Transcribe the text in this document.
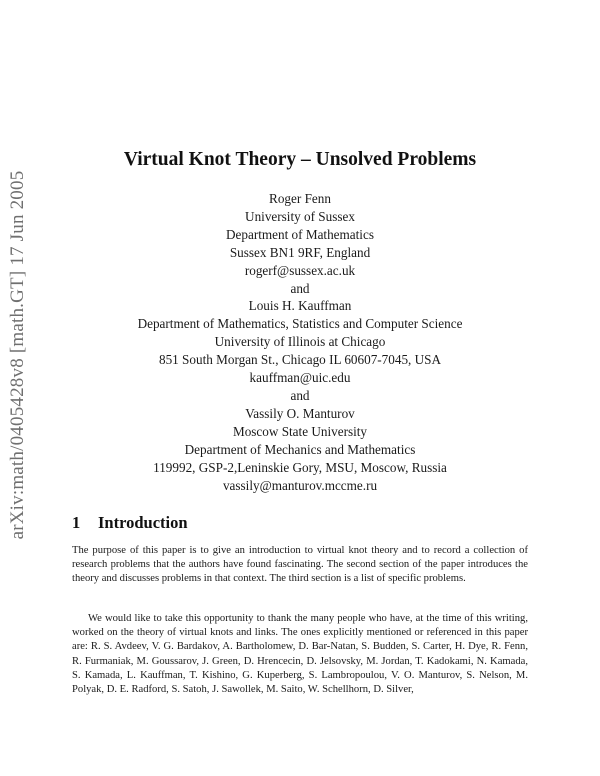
arXiv:math/0405428v8 [math.GT] 17 Jun 2005
Virtual Knot Theory – Unsolved Problems
Roger Fenn
University of Sussex
Department of Mathematics
Sussex BN1 9RF, England
rogerf@sussex.ac.uk
and
Louis H. Kauffman
Department of Mathematics, Statistics and Computer Science
University of Illinois at Chicago
851 South Morgan St., Chicago IL 60607-7045, USA
kauffman@uic.edu
and
Vassily O. Manturov
Moscow State University
Department of Mechanics and Mathematics
119992, GSP-2,Leninskie Gory, MSU, Moscow, Russia
vassily@manturov.mccme.ru
1 Introduction
The purpose of this paper is to give an introduction to virtual knot theory and to record a collection of research problems that the authors have found fascinating. The second section of the paper introduces the theory and discusses problems in that context. The third section is a list of specific problems.
We would like to take this opportunity to thank the many people who have, at the time of this writing, worked on the theory of virtual knots and links. The ones explicitly mentioned or referenced in this paper are: R. S. Avdeev, V. G. Bardakov, A. Bartholomew, D. Bar-Natan, S. Budden, S. Carter, H. Dye, R. Fenn, R. Furmaniak, M. Goussarov, J. Green, D. Hrencecin, D. Jelsovsky, M. Jordan, T. Kadokami, N. Kamada, S. Kamada, L. Kauffman, T. Kishino, G. Kuperberg, S. Lambropoulou, V. O. Manturov, S. Nelson, M. Polyak, D. E. Radford, S. Satoh, J. Sawollek, M. Saito, W. Schellhorn, D. Silver,
